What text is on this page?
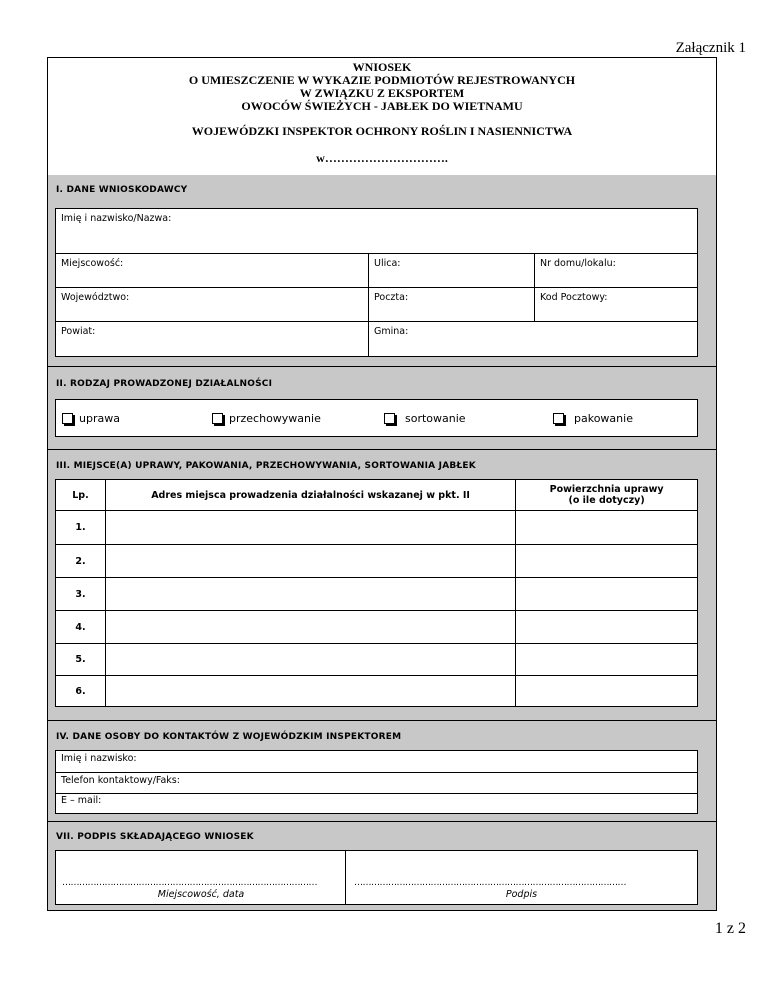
Załącznik 1
WNIOSEK
O UMIESZCZENIE W WYKAZIE PODMIOTÓW REJESTROWANYCH
W ZWIĄZKU Z EKSPORTEM
OWOCÓW ŚWIEŻYCH - JABŁEK DO WIETNAMU
WOJEWÓDZKI INSPEKTOR OCHRONY ROŚLIN I NASIENNICTWA
w………………………….
I. DANE WNIOSKODAWCY
Imię i nazwisko/Nazwa:
Miejscowość:	Ulica:	Nr domu/lokalu:
Województwo:	Poczta:	Kod Pocztowy:
Powiat:	Gmina:
II. RODZAJ PROWADZONEJ DZIAŁALNOŚCI
uprawa	przechowywanie	sortowanie	pakowanie
III. MIEJSCE(A) UPRAWY, PAKOWANIA, PRZECHOWYWANIA, SORTOWANIA JABŁEK
Lp.	Adres miejsca prowadzenia działalności wskazanej w pkt. II	Powierzchnia uprawy
(o ile dotyczy)

1.		
2.		
3.		
4.		
5.		
6.		
IV. DANE OSOBY DO KONTAKTÓW Z WOJEWÓDZKIM INSPEKTOREM
Imię i nazwisko:
Telefon kontaktowy/Faks:
E – mail:
VII. PODPIS SKŁADAJĄCEGO WNIOSEK
………………………………………………………………………………
Miejscowość, data
……………………………………………………………………………………
Podpis
1 z 2
